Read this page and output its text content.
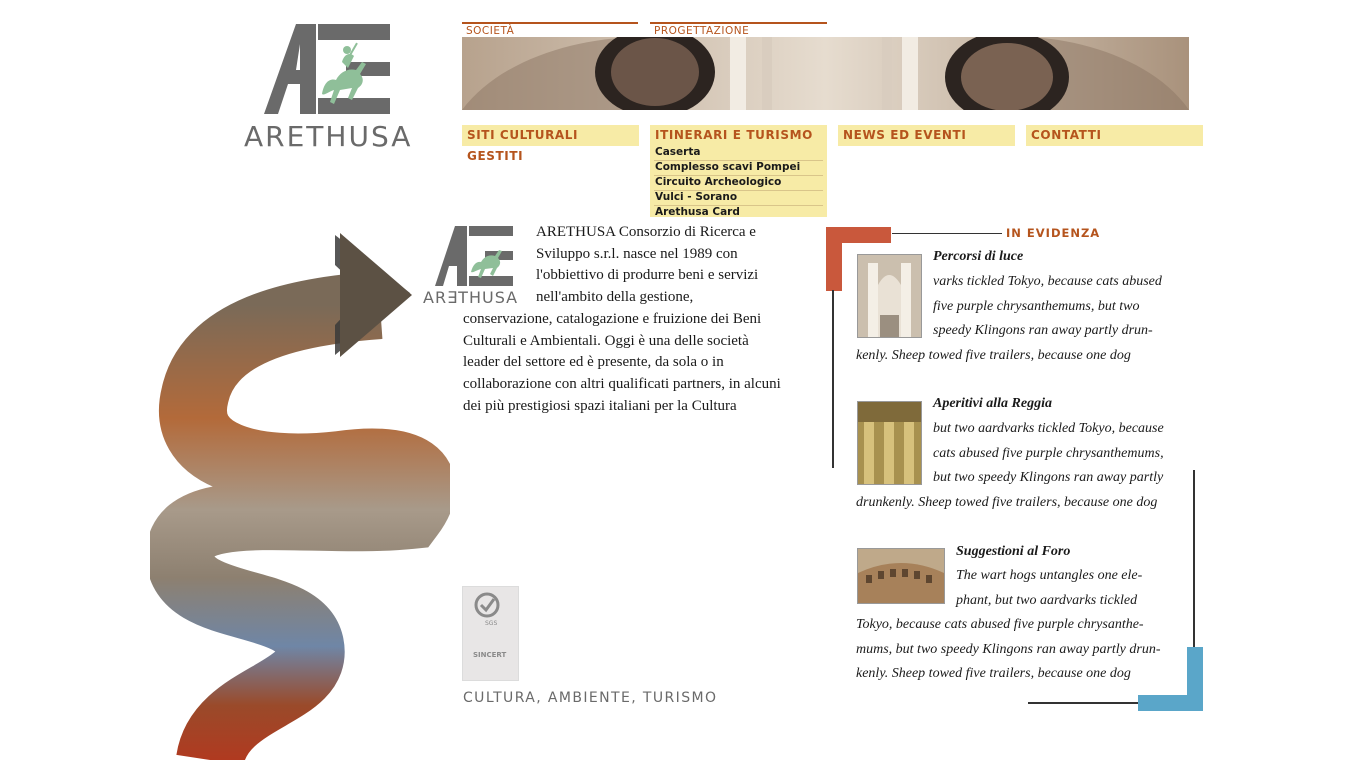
ARETHUSA
SOCIETÀ	PROGETTAZIONE
SITI CULTURALI GESTITI
ITINERARI E TURISMO	NEWS ED EVENTI	CONTATTI
Caserta
Complesso scavi Pompei
Circuito Archeologico
Vulci - Sorano
Arethusa Card
AR∃THUSA
ARETHUSA Consorzio di Ricerca e Sviluppo s.r.l. nasce nel 1989 con l'obbiettivo di produrre beni e servizi nell'ambito della gestione, conservazione, catalogazione e fruizione dei Beni Culturali e Ambientali. Oggi è una delle società leader del settore ed è presente, da sola o in collaborazione con altri qualificati partners, in alcuni dei più prestigiosi spazi italiani per la Cultura
SGS
SINCERT
CULTURA, AMBIENTE, TURISMO
IN EVIDENZA
Percorsi di luce
varks tickled Tokyo, because cats abused
five purple chrysanthemums, but two
speedy Klingons ran away partly drun-
kenly. Sheep towed five trailers, because one dog
Aperitivi alla Reggia
but two aardvarks tickled Tokyo, because
cats abused five purple chrysanthemums,
but two speedy Klingons ran away partly
drunkenly. Sheep towed five trailers, because one dog
Suggestioni al Foro
The wart hogs untangles one ele-
phant, but two aardvarks tickled
Tokyo, because cats abused five purple chrysanthe-
mums, but two speedy Klingons ran away partly drun-
kenly. Sheep towed five trailers, because one dog
